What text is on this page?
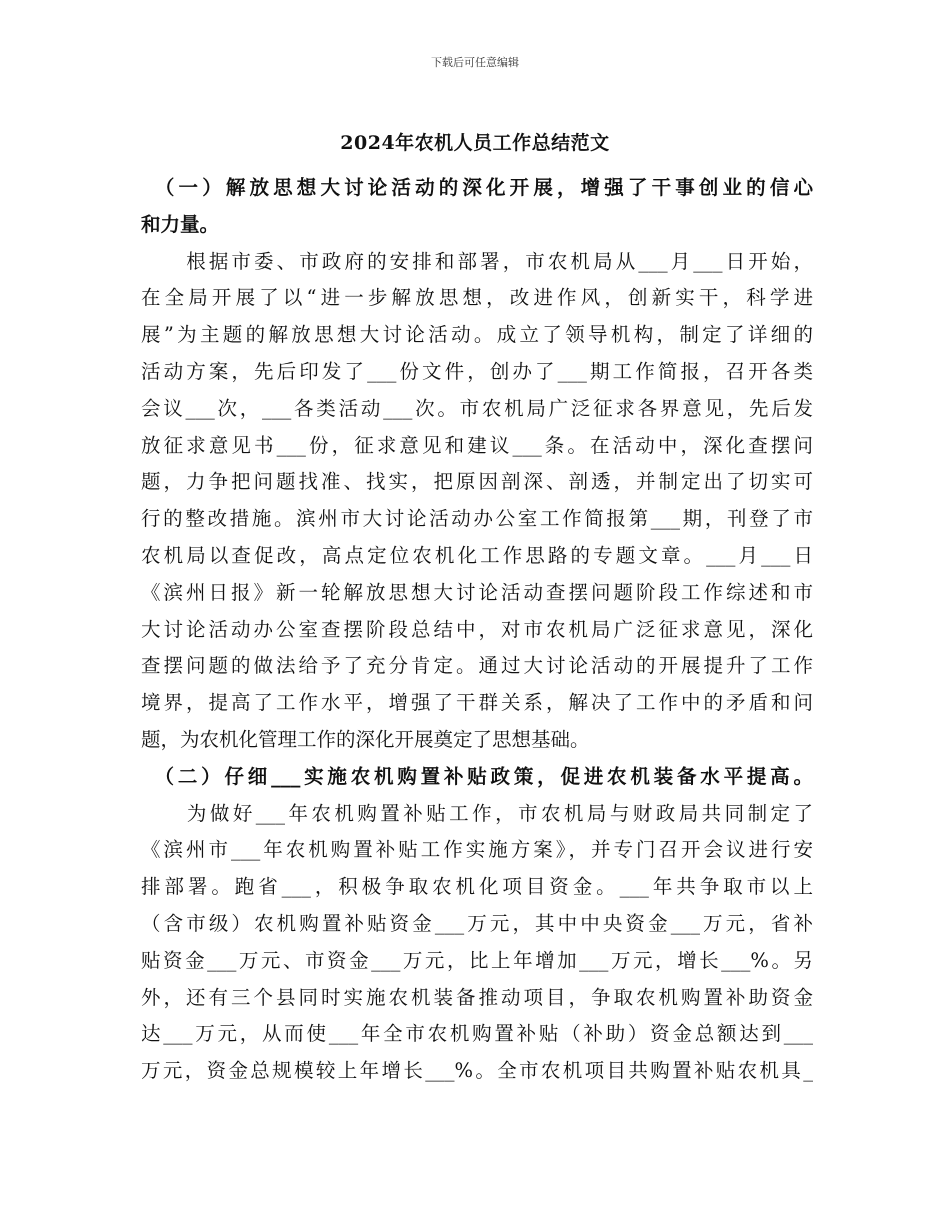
下载后可任意编辑
2024年农机人员工作总结范文
　（一）解放思想大讨论活动的深化开展，增强了干事创业的信心
和力量。
　　根据市委、市政府的安排和部署，市农机局从___月___日开始，
在全局开展了以“进一步解放思想，改进作风，创新实干，科学进
展”为主题的解放思想大讨论活动。成立了领导机构，制定了详细的
活动方案，先后印发了___份文件，创办了___期工作简报，召开各类
会议___次，___各类活动___次。市农机局广泛征求各界意见，先后发
放征求意见书___份，征求意见和建议___条。在活动中，深化查摆问
题，力争把问题找准、找实，把原因剖深、剖透，并制定出了切实可
行的整改措施。滨州市大讨论活动办公室工作简报第___期，刊登了市
农机局以查促改，高点定位农机化工作思路的专题文章。___月___日
《滨州日报》新一轮解放思想大讨论活动查摆问题阶段工作综述和市
大讨论活动办公室查摆阶段总结中，对市农机局广泛征求意见，深化
查摆问题的做法给予了充分肯定。通过大讨论活动的开展提升了工作
境界，提高了工作水平，增强了干群关系，解决了工作中的矛盾和问
题，为农机化管理工作的深化开展奠定了思想基础。
　（二）仔细___实施农机购置补贴政策，促进农机装备水平提高。
　　为做好___年农机购置补贴工作，市农机局与财政局共同制定了
《滨州市___年农机购置补贴工作实施方案》，并专门召开会议进行安
排部署。跑省___，积极争取农机化项目资金。___年共争取市以上
（含市级）农机购置补贴资金___万元，其中中央资金___万元，省补
贴资金___万元、市资金___万元，比上年增加___万元，增长___%。另
外，还有三个县同时实施农机装备推动项目，争取农机购置补助资金
达___万元，从而使___年全市农机购置补贴（补助）资金总额达到___
万元，资金总规模较上年增长___%。全市农机项目共购置补贴农机具_
